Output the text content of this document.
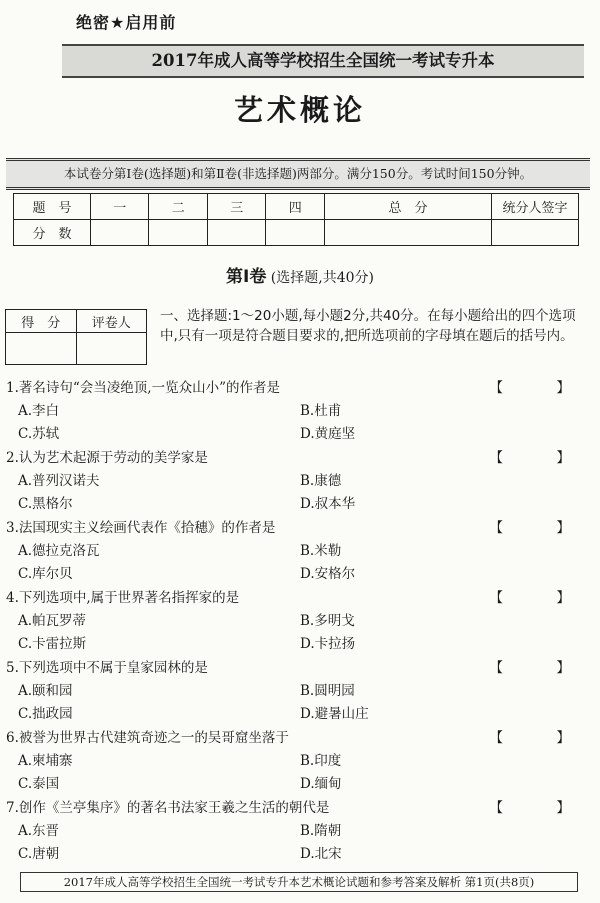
绝密★启用前
2017年成人高等学校招生全国统一考试专升本
艺术概论
本试卷分第Ⅰ卷(选择题)和第Ⅱ卷(非选择题)两部分。满分150分。考试时间150分钟。
题　号	一	二	三	四	总　分	统分人签字
分　数						
第Ⅰ卷 (选择题,共40分)
得　分	评卷人
	一、选择题:1～20小题,每小题2分,共40分。在每小题给出的四个选项中,只有一项是符合题目要求的,把所选项前的字母填在题后的括号内。
1.著名诗句“会当凌绝顶,一览众山小”的作者是	【　】
A.李白	B.杜甫
C.苏轼	D.黄庭坚
2.认为艺术起源于劳动的美学家是	【　】
A.普列汉诺夫	B.康德
C.黑格尔	D.叔本华
3.法国现实主义绘画代表作《拾穗》的作者是	【　】
A.德拉克洛瓦	B.米勒
C.库尔贝	D.安格尔
4.下列选项中,属于世界著名指挥家的是	【　】
A.帕瓦罗蒂	B.多明戈
C.卡雷拉斯	D.卡拉扬
5.下列选项中不属于皇家园林的是	【　】
A.颐和园	B.圆明园
C.拙政园	D.避暑山庄
6.被誉为世界古代建筑奇迹之一的吴哥窟坐落于	【　】
A.柬埔寨	B.印度
C.泰国	D.缅甸
7.创作《兰亭集序》的著名书法家王羲之生活的朝代是	【　】
A.东晋	B.隋朝
C.唐朝	D.北宋
2017年成人高等学校招生全国统一考试专升本艺术概论试题和参考答案及解析 第1页(共8页)
